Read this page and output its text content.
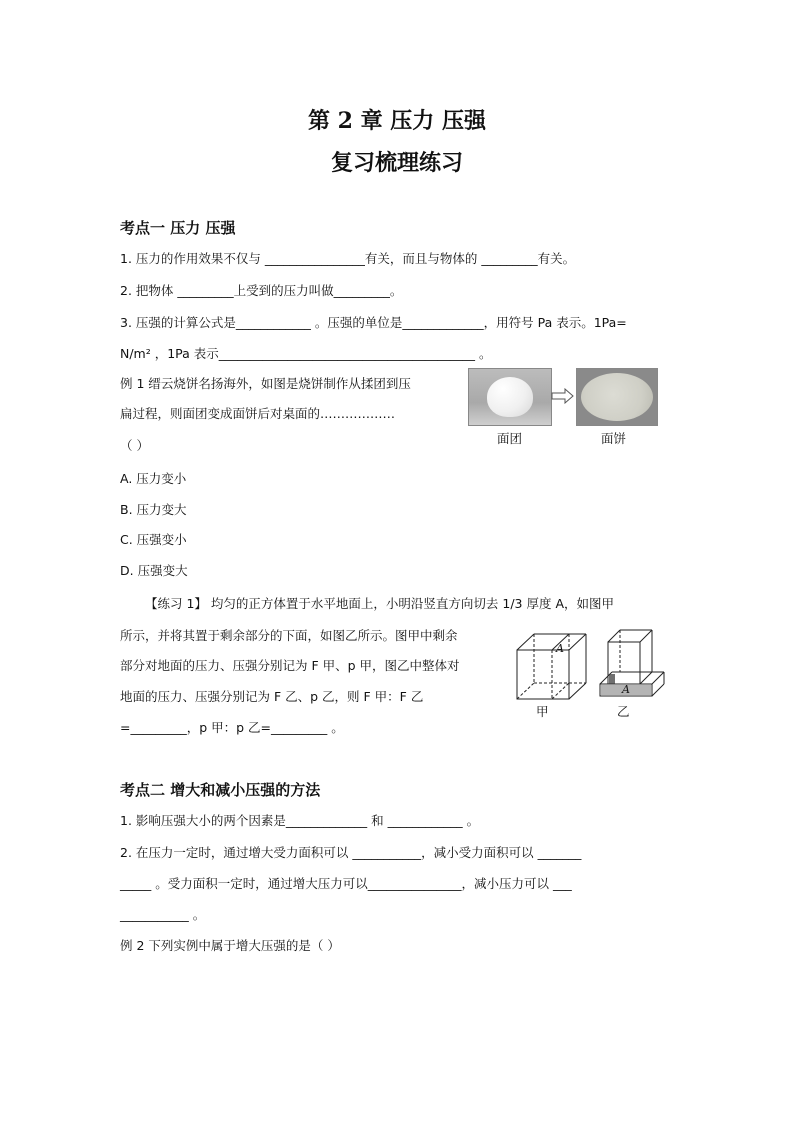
第 2 章 压力 压强
复习梳理练习
考点一 压力 压强
1. 压力的作用效果不仅与 ________________有关，而且与物体的 _________有关。
2. 把物体 _________上受到的压力叫做_________。
3. 压强的计算公式是____________ 。压强的单位是_____________，用符号 Pa 表示。1Pa=
N/m² ，1Pa 表示_________________________________________ 。
例 1 缙云烧饼名扬海外，如图是烧饼制作从揉团到压
扁过程，则面团变成面饼后对桌面的………………
（ ）	面团	面饼
A. 压力变小
B. 压力变大
C. 压强变小
D. 压强变大
【练习 1】 均匀的正方体置于水平地面上，小明沿竖直方向切去 1/3 厚度 A，如图甲
所示，并将其置于剩余部分的下面，如图乙所示。图甲中剩余
部分对地面的压力、压强分别记为 F 甲、p 甲，图乙中整体对
地面的压力、压强分别记为 F 乙、p 乙，则 F 甲：F 乙
=_________，p 甲：p 乙=_________ 。
A
A
甲	乙
考点二 增大和减小压强的方法
1. 影响压强大小的两个因素是_____________ 和 ____________ 。
2. 在压力一定时，通过增大受力面积可以 ___________，减小受力面积可以 _______
_____ 。受力面积一定时，通过增大压力可以_______________，减小压力可以 ___
___________ 。
例 2 下列实例中属于增大压强的是（ ）
